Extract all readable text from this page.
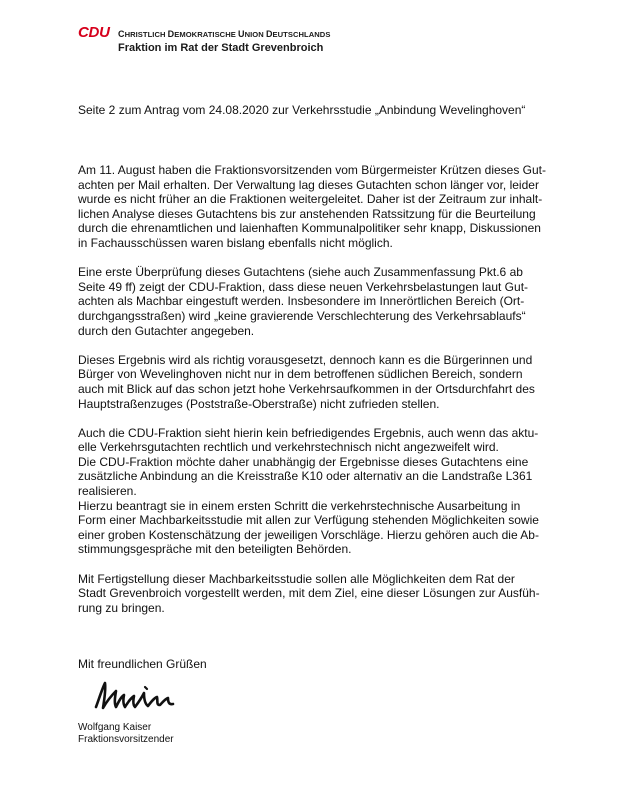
CDU CHRISTLICH DEMOKRATISCHE UNION DEUTSCHLANDS
Fraktion im Rat der Stadt Grevenbroich
Seite 2 zum Antrag vom 24.08.2020 zur Verkehrsstudie „Anbindung Wevelinghoven“
Am 11. August haben die Fraktionsvorsitzenden vom Bürgermeister Krützen dieses Gut-
achten per Mail erhalten. Der Verwaltung lag dieses Gutachten schon länger vor, leider
wurde es nicht früher an die Fraktionen weitergeleitet. Daher ist der Zeitraum zur inhalt-
lichen Analyse dieses Gutachtens bis zur anstehenden Ratssitzung für die Beurteilung
durch die ehrenamtlichen und laienhaften Kommunalpolitiker sehr knapp, Diskussionen
in Fachausschüssen waren bislang ebenfalls nicht möglich.
Eine erste Überprüfung dieses Gutachtens (siehe auch Zusammenfassung Pkt.6 ab
Seite 49 ff) zeigt der CDU-Fraktion, dass diese neuen Verkehrsbelastungen laut Gut-
achten als Machbar eingestuft werden. Insbesondere im Innerörtlichen Bereich (Ort-
durchgangsstraßen) wird „keine gravierende Verschlechterung des Verkehrsablaufs“
durch den Gutachter angegeben.
Dieses Ergebnis wird als richtig vorausgesetzt, dennoch kann es die Bürgerinnen und
Bürger von Wevelinghoven nicht nur in dem betroffenen südlichen Bereich, sondern
auch mit Blick auf das schon jetzt hohe Verkehrsaufkommen in der Ortsdurchfahrt des
Hauptstraßenzuges (Poststraße-Oberstraße) nicht zufrieden stellen.
Auch die CDU-Fraktion sieht hierin kein befriedigendes Ergebnis, auch wenn das aktu-
elle Verkehrsgutachten rechtlich und verkehrstechnisch nicht angezweifelt wird.
Die CDU-Fraktion möchte daher unabhängig der Ergebnisse dieses Gutachtens eine
zusätzliche Anbindung an die Kreisstraße K10 oder alternativ an die Landstraße L361
realisieren.
Hierzu beantragt sie in einem ersten Schritt die verkehrstechnische Ausarbeitung in
Form einer Machbarkeitsstudie mit allen zur Verfügung stehenden Möglichkeiten sowie
einer groben Kostenschätzung der jeweiligen Vorschläge. Hierzu gehören auch die Ab-
stimmungsgespräche mit den beteiligten Behörden.
Mit Fertigstellung dieser Machbarkeitsstudie sollen alle Möglichkeiten dem Rat der
Stadt Grevenbroich vorgestellt werden, mit dem Ziel, eine dieser Lösungen zur Ausfüh-
rung zu bringen.
Mit freundlichen Grüßen
Wolfgang Kaiser
Fraktionsvorsitzender
